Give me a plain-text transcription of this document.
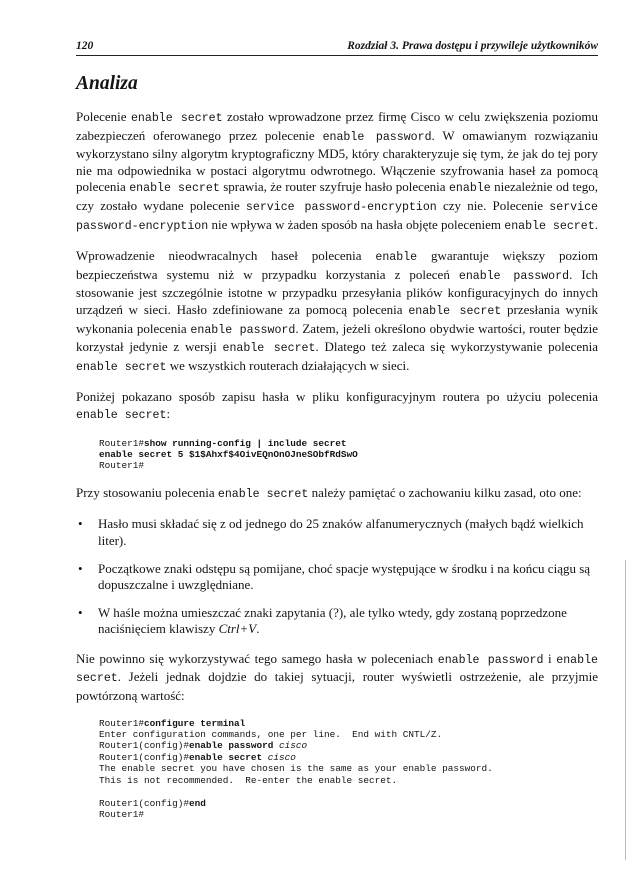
120	Rozdział 3. Prawa dostępu i przywileje użytkowników
Analiza

Polecenie enable secret zostało wprowadzone przez firmę Cisco w celu zwiększenia poziomu zabezpieczeń oferowanego przez polecenie enable password. W omawianym rozwiązaniu wykorzystano silny algorytm kryptograficzny MD5, który charakteryzuje się tym, że jak do tej pory nie ma odpowiednika w postaci algorytmu odwrotnego. Włączenie szyfrowania haseł za pomocą polecenia enable secret sprawia, że router szyfruje hasło polecenia enable niezależnie od tego, czy zostało wydane polecenie service password-encryption czy nie. Polecenie service password-encryption nie wpływa w żaden sposób na hasła objęte poleceniem enable secret.

Wprowadzenie nieodwracalnych haseł polecenia enable gwarantuje większy poziom bezpieczeństwa systemu niż w przypadku korzystania z poleceń enable password. Ich stosowanie jest szczególnie istotne w przypadku przesyłania plików konfiguracyjnych do innych urządzeń w sieci. Hasło zdefiniowane za pomocą polecenia enable secret przesłania wynik wykonania polecenia enable password. Zatem, jeżeli określono obydwie wartości, router będzie korzystał jedynie z wersji enable secret. Dlatego też zaleca się wykorzystywanie polecenia enable secret we wszystkich routerach działających w sieci.

Poniżej pokazano sposób zapisu hasła w pliku konfiguracyjnym routera po użyciu polecenia enable secret:

Router1#show running-config | include secret
enable secret 5 $1$Ahxf$4OivEQnOnOJneSObfRdSwO
Router1#

Przy stosowaniu polecenia enable secret należy pamiętać o zachowaniu kilku zasad, oto one:

• Hasło musi składać się z od jednego do 25 znaków alfanumerycznych (małych bądź wielkich liter).
• Początkowe znaki odstępu są pomijane, choć spacje występujące w środku i na końcu ciągu są dopuszczalne i uwzględniane.
• W haśle można umieszczać znaki zapytania (?), ale tylko wtedy, gdy zostaną poprzedzone naciśnięciem klawiszy Ctrl+V.

Nie powinno się wykorzystywać tego samego hasła w poleceniach enable password i enable secret. Jeżeli jednak dojdzie do takiej sytuacji, router wyświetli ostrzeżenie, ale przyjmie powtórzoną wartość:

Router1#configure terminal
Enter configuration commands, one per line.  End with CNTL/Z.
Router1(config)#enable password cisco
Router1(config)#enable secret cisco
The enable secret you have chosen is the same as your enable password.
This is not recommended.  Re-enter the enable secret.

Router1(config)#end
Router1#
